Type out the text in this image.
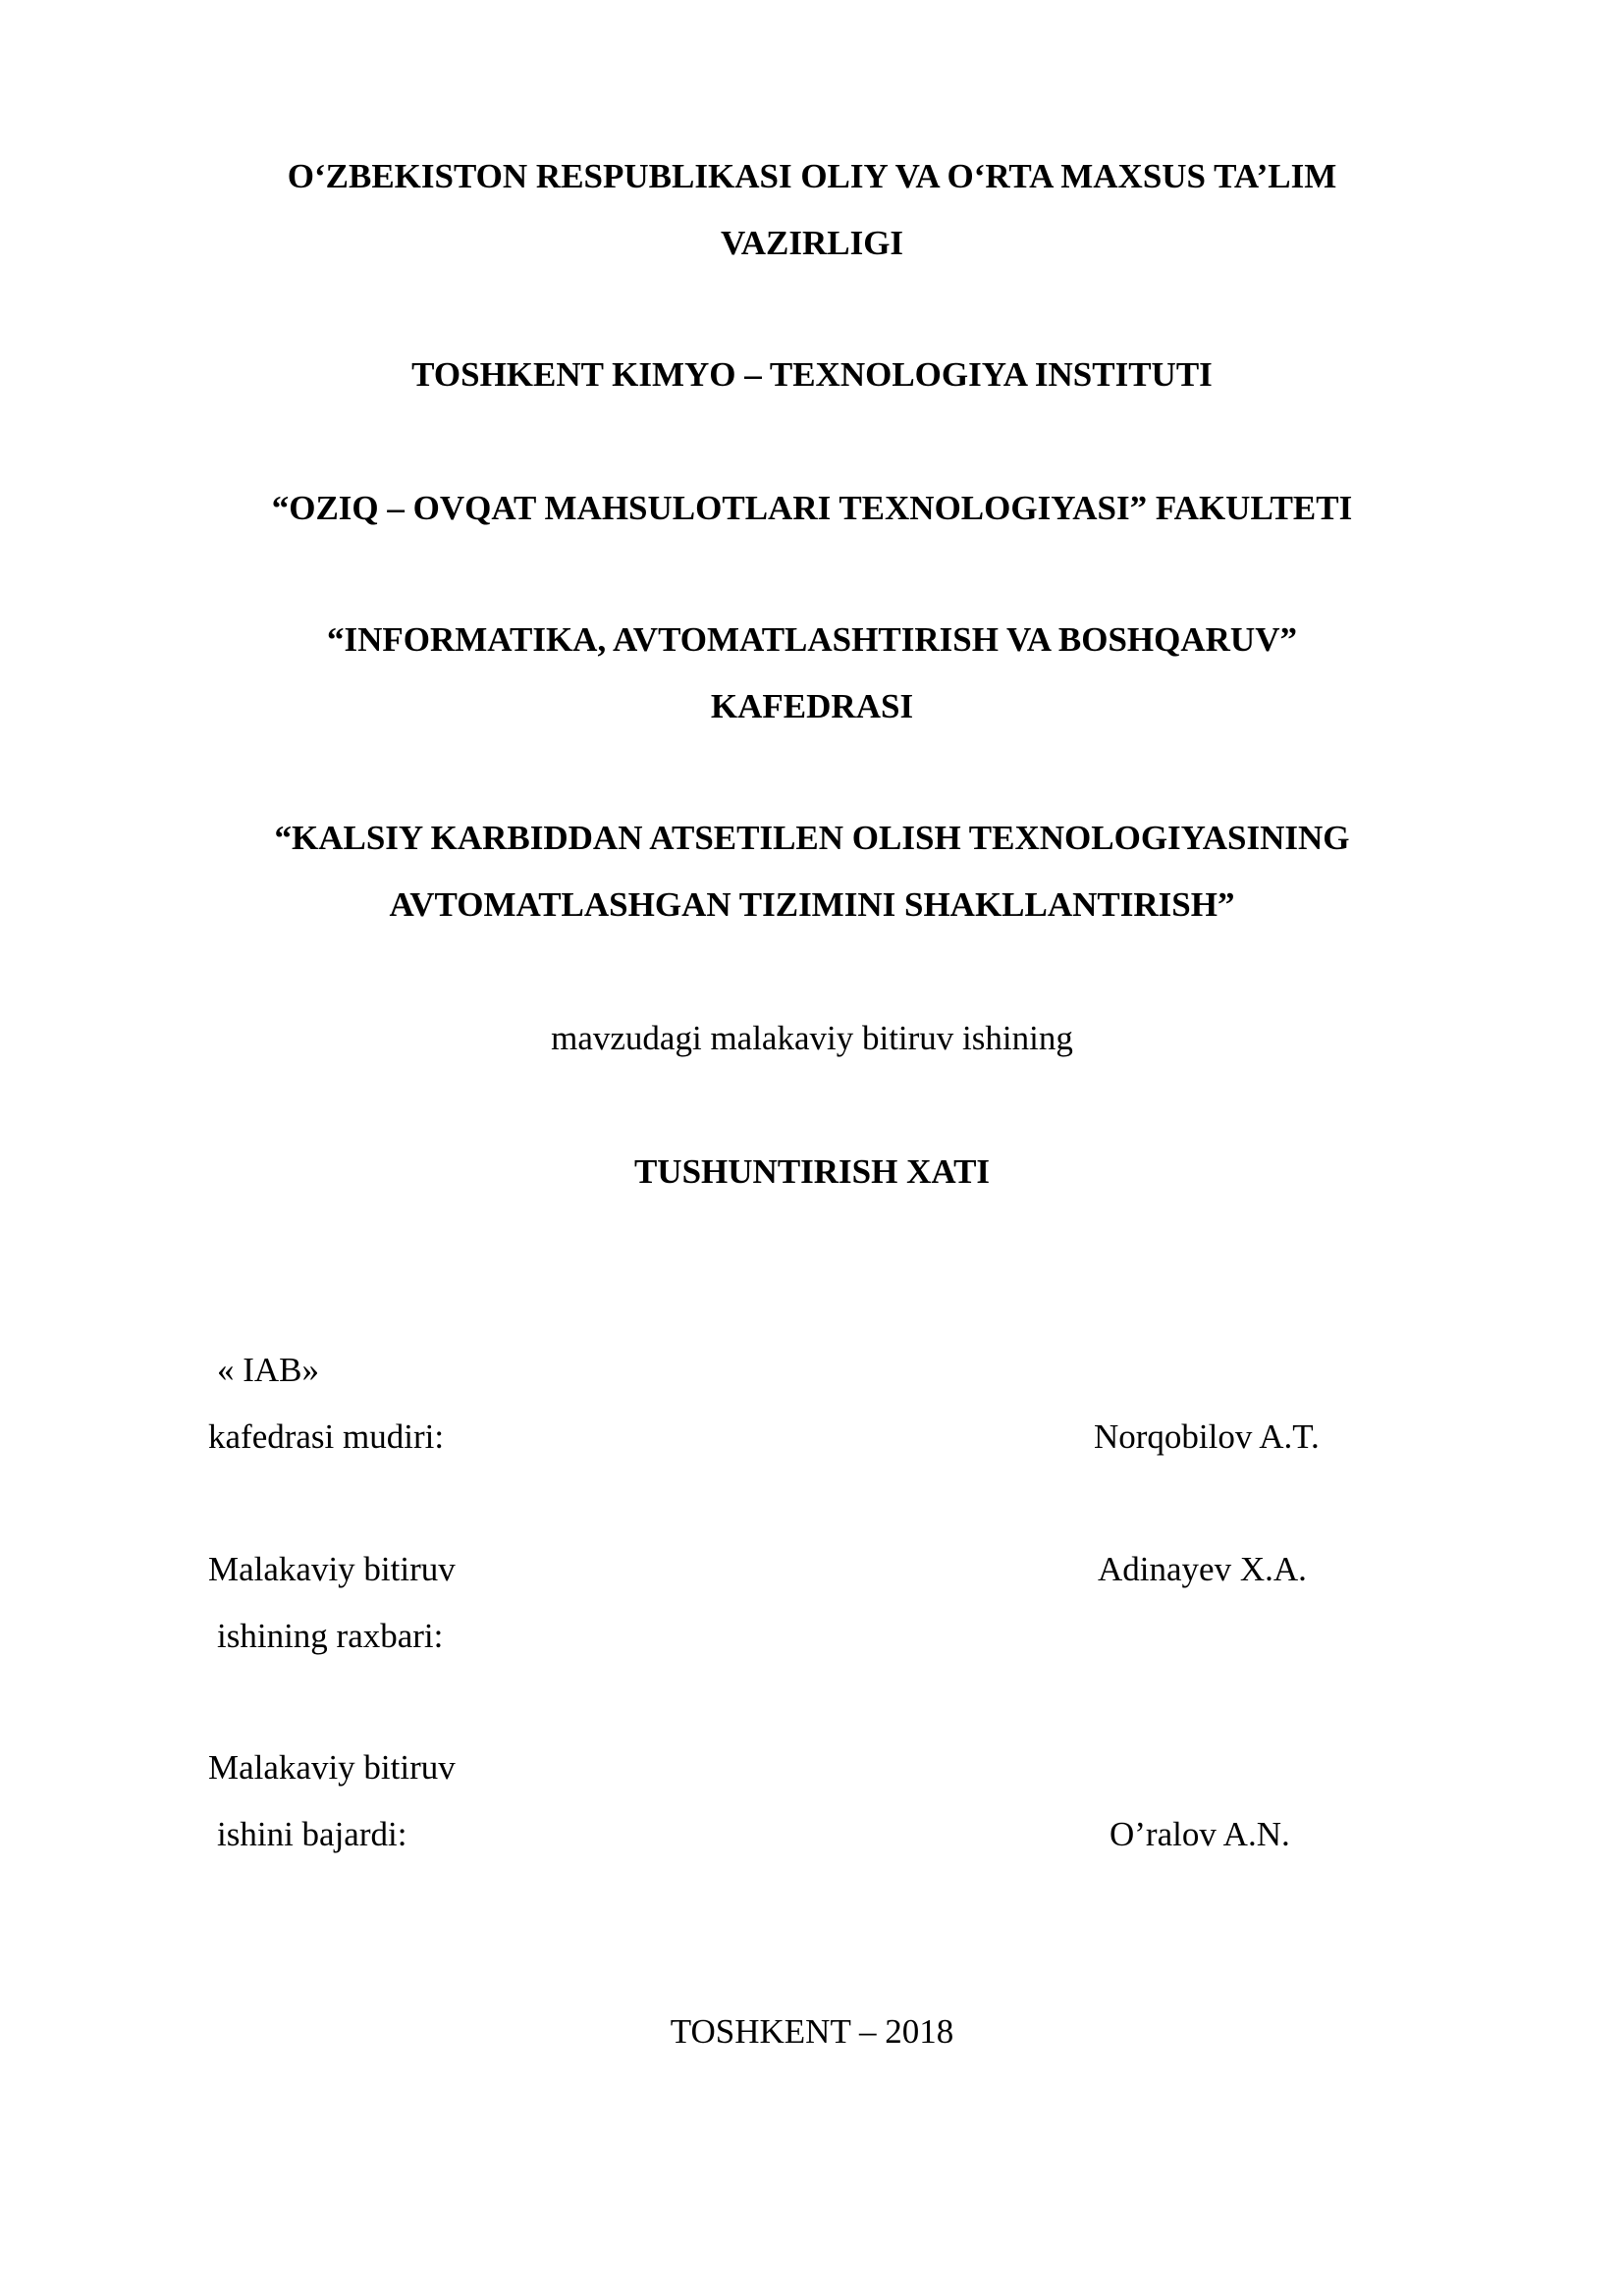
O‘ZBEKISTON RESPUBLIKASI OLIY VA O‘RTA MAXSUS TA’LIM
VAZIRLIGI
TOSHKENT KIMYO – TEXNOLOGIYA INSTITUTI
“OZIQ – OVQAT MAHSULOTLARI TEXNOLOGIYASI” FAKULTETI
“INFORMATIKA, AVTOMATLASHTIRISH VA BOSHQARUV”
KAFEDRASI
“KALSIY KARBIDDAN ATSETILEN OLISH TEXNOLOGIYASINING
AVTOMATLASHGAN TIZIMINI SHAKLLANTIRISH”
mavzudagi malakaviy bitiruv ishining
TUSHUNTIRISH XATI
« IAB»
kafedrasi mudiri:	Norqobilov A.T.
Malakaviy bitiruv
ishining raxbari:
Adinayev X.A.
Malakaviy bitiruv
ishini bajardi:	O’ralov A.N.
TOSHKENT – 2018
